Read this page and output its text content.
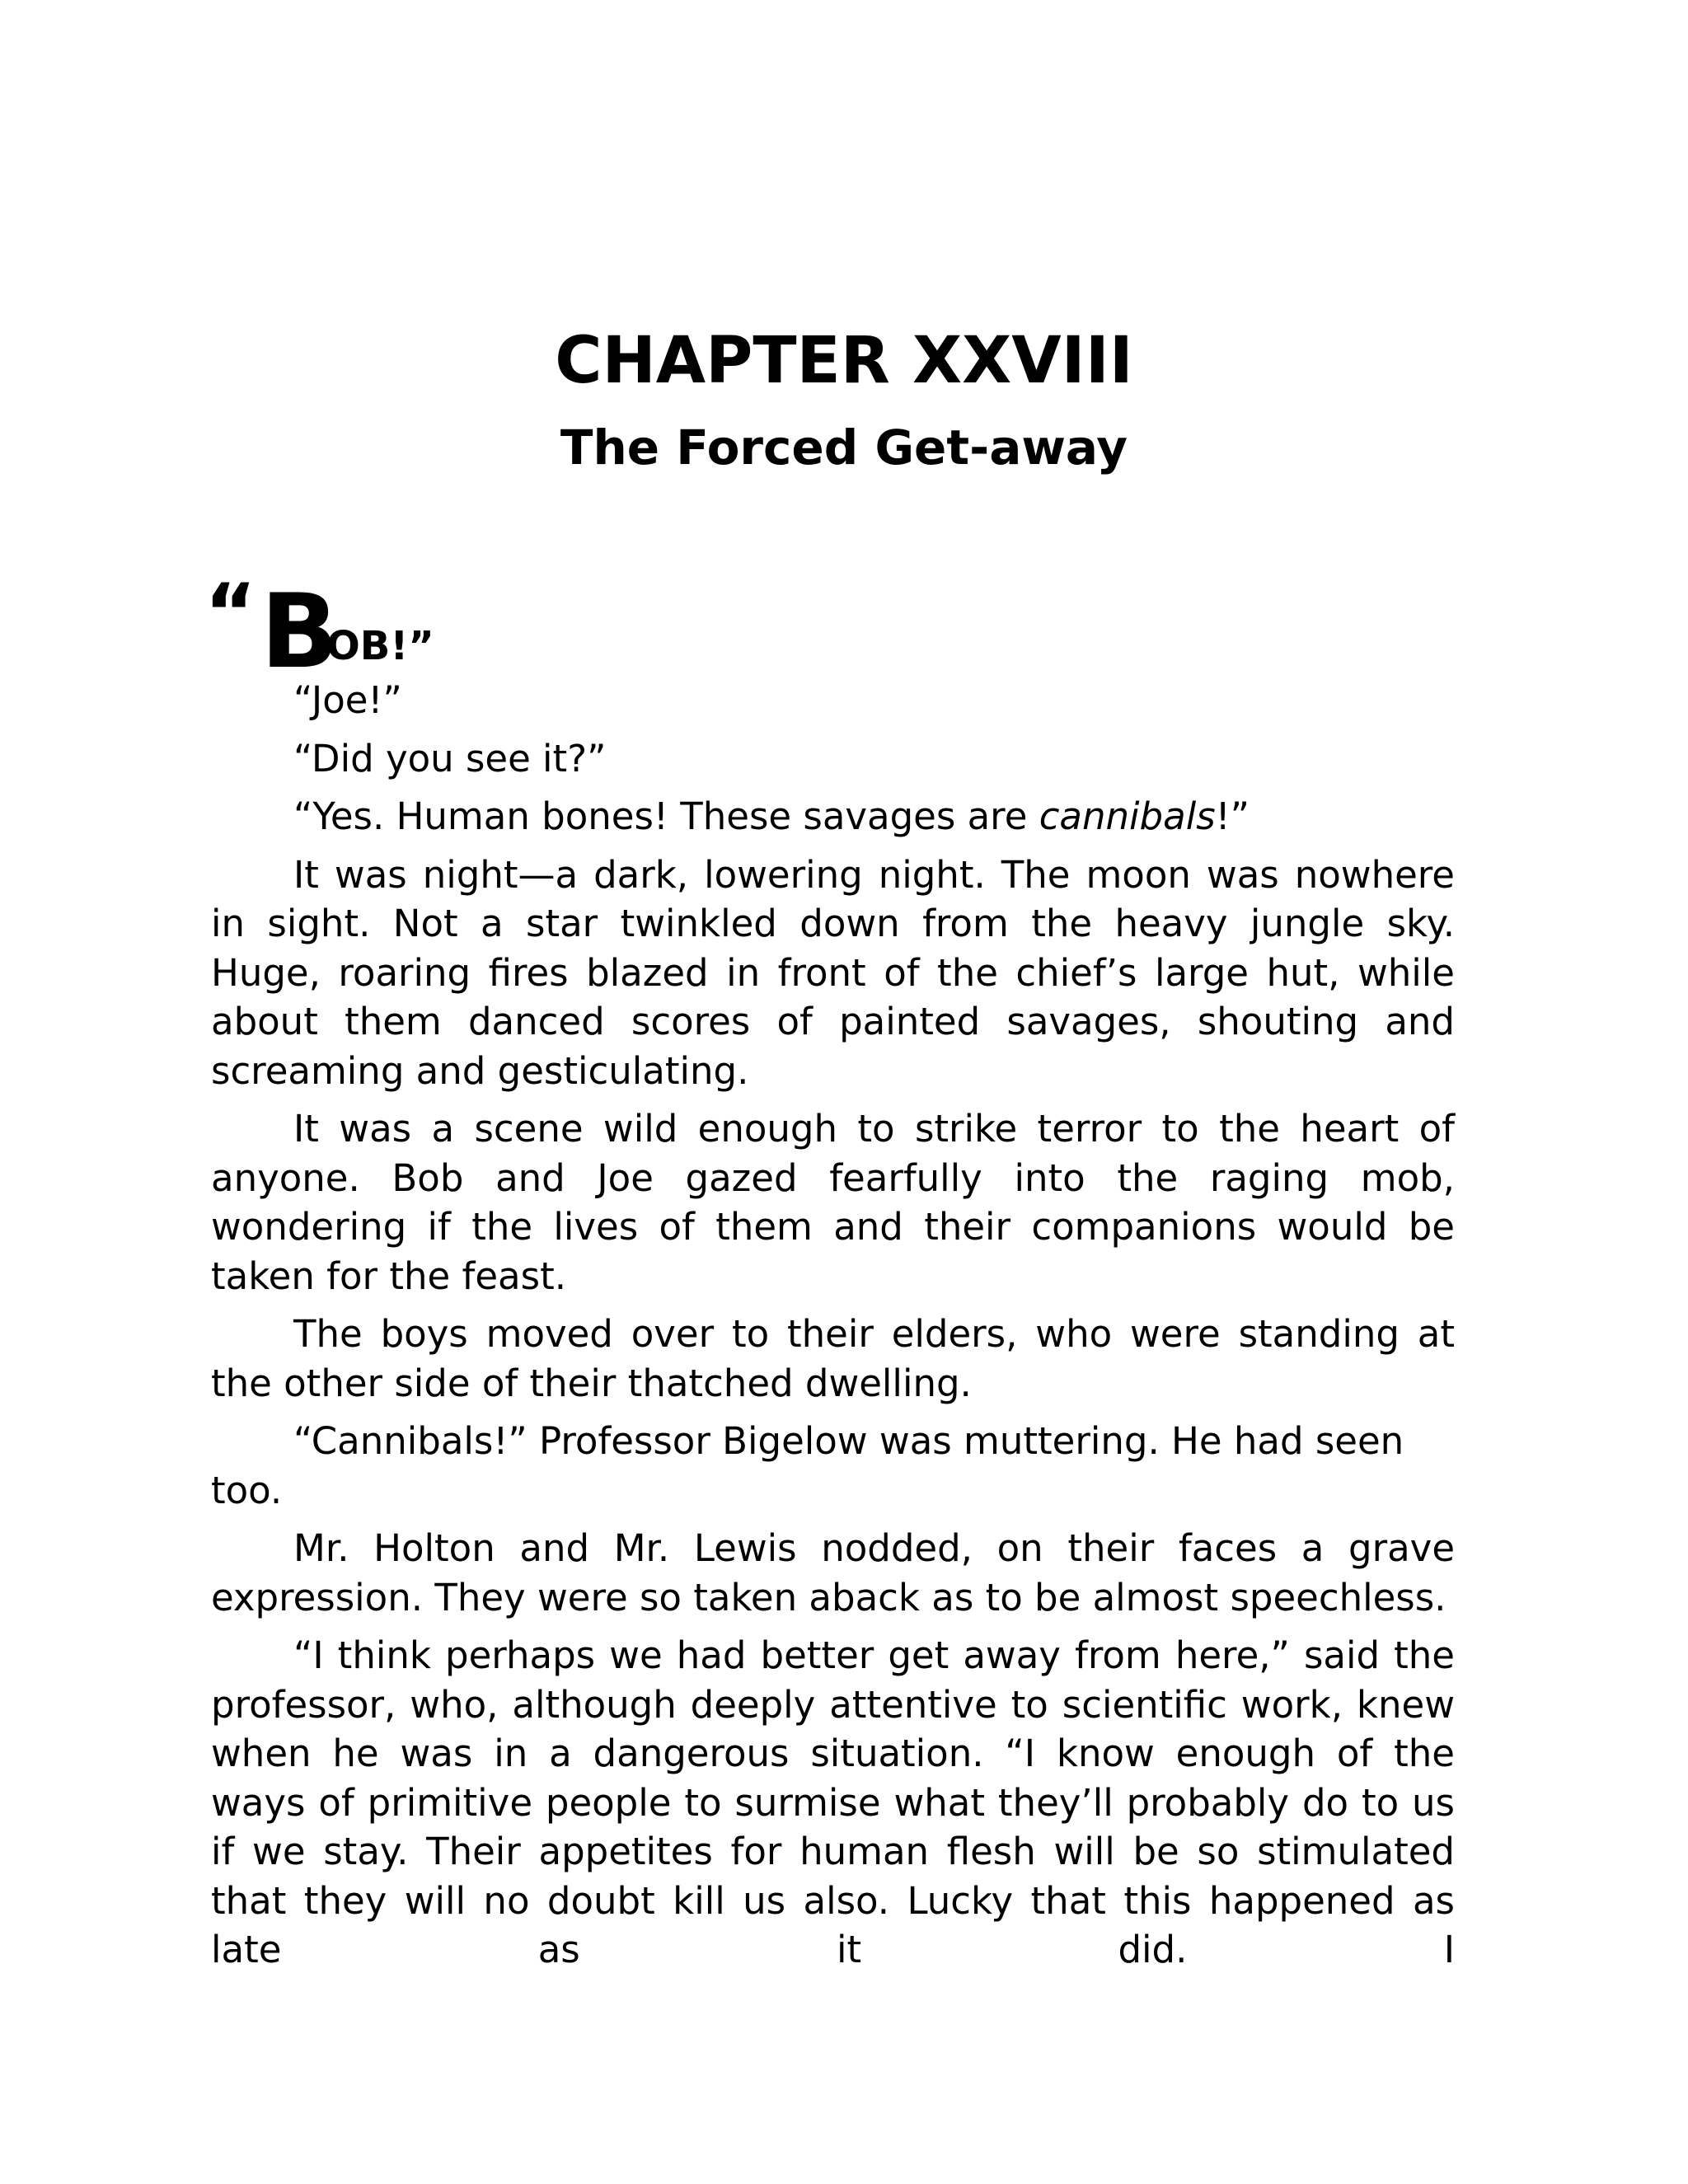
CHAPTER XXVIII
The Forced Get-away
“ B
OB!”

“Joe!”

“Did you see it?”

“Yes. Human bones! These savages are cannibals!”

It was night—a dark, lowering night. The moon was nowhere in sight. Not a star twinkled down from the heavy jungle sky. Huge, roaring fires blazed in front of the chief’s large hut, while about them danced scores of painted savages, shouting and screaming and gesticulating.

It was a scene wild enough to strike terror to the heart of anyone. Bob and Joe gazed fearfully into the raging mob, wondering if the lives of them and their companions would be taken for the feast.

The boys moved over to their elders, who were standing at the other side of their thatched dwelling.

“Cannibals!” Professor Bigelow was muttering. He had seen too.

Mr. Holton and Mr. Lewis nodded, on their faces a grave expression. They were so taken aback as to be almost speechless.

“I think perhaps we had better get away from here,” said the professor, who, although deeply attentive to scientific work, knew when he was in a dangerous situation. “I know enough of the ways of primitive people to surmise what they’ll probably do to us if we stay. Their appetites for human flesh will be so stimulated that they will no doubt kill us also. Lucky that this happened as late as it did. I
